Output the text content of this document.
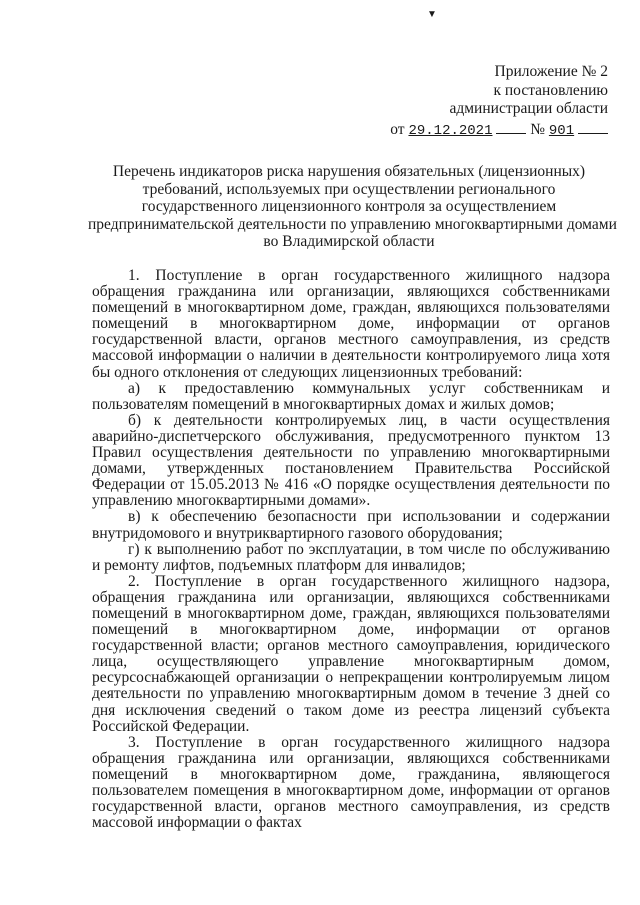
▼
Приложение № 2
к постановлению
администрации области
от 29.12.2021 № 901
Перечень индикаторов риска нарушения обязательных (лицензионных)
требований, используемых при осуществлении регионального
государственного лицензионного контроля за осуществлением
предпринимательской деятельности по управлению многоквартирными домами
во Владимирской области

1. Поступление в орган государственного жилищного надзора обращения гражданина или организации, являющихся собственниками помещений в многоквартирном доме, граждан, являющихся пользователями помещений в многоквартирном доме, информации от органов государственной власти, органов местного самоуправления, из средств массовой информации о наличии в деятельности контролируемого лица хотя бы одного отклонения от следующих лицензионных требований:

а) к предоставлению коммунальных услуг собственникам и пользователям помещений в многоквартирных домах и жилых домов;

б) к деятельности контролируемых лиц, в части осуществления аварийно-диспетчерского обслуживания, предусмотренного пунктом 13 Правил осуществления деятельности по управлению многоквартирными домами, утвержденных постановлением Правительства Российской Федерации от 15.05.2013 № 416 «О порядке осуществления деятельности по управлению многоквартирными домами».

в) к обеспечению безопасности при использовании и содержании внутридомового и внутриквартирного газового оборудования;

г) к выполнению работ по эксплуатации, в том числе по обслуживанию и ремонту лифтов, подъемных платформ для инвалидов;

2. Поступление в орган государственного жилищного надзора, обращения гражданина или организации, являющихся собственниками помещений в многоквартирном доме, граждан, являющихся пользователями помещений в многоквартирном доме, информации от органов государственной власти; органов местного самоуправления, юридического лица, осуществляющего управление многоквартирным домом, ресурсоснабжающей организации о непрекращении контролируемым лицом деятельности по управлению многоквартирным домом в течение 3 дней со дня исключения сведений о таком доме из реестра лицензий субъекта Российской Федерации.

3. Поступление в орган государственного жилищного надзора обращения гражданина или организации, являющихся собственниками помещений в многоквартирном доме, гражданина, являющегося пользователем помещения в многоквартирном доме, информации от органов государственной власти, органов местного самоуправления, из средств массовой информации о фактах
